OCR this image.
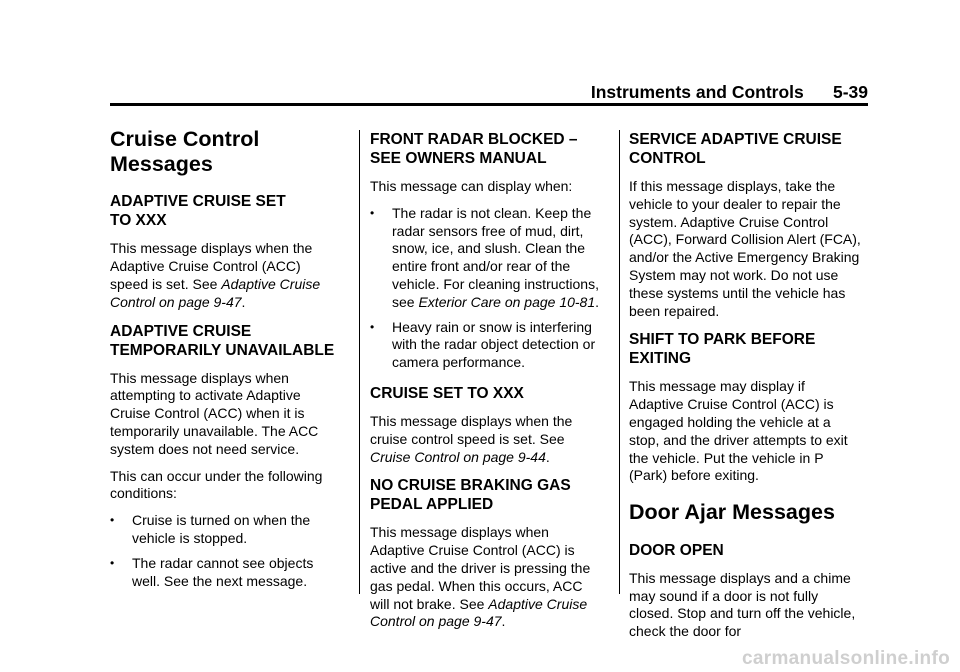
Instruments and Controls 5-39
Cruise Control Messages
ADAPTIVE CRUISE SET
TO XXX

This message displays when the Adaptive Cruise Control (ACC) speed is set. See Adaptive Cruise Control on page 9‑47.

ADAPTIVE CRUISE
TEMPORARILY UNAVAILABLE

This message displays when attempting to activate Adaptive Cruise Control (ACC) when it is temporarily unavailable. The ACC system does not need service.

This can occur under the following conditions:

• Cruise is turned on when the vehicle is stopped.
• The radar cannot see objects well. See the next message.
FRONT RADAR BLOCKED –
SEE OWNERS MANUAL

This message can display when:

• The radar is not clean. Keep the radar sensors free of mud, dirt, snow, ice, and slush. Clean the entire front and/or rear of the vehicle. For cleaning instructions, see Exterior Care on page 10‑81.
• Heavy rain or snow is interfering with the radar object detection or camera performance.
CRUISE SET TO XXX

This message displays when the cruise control speed is set. See Cruise Control on page 9‑44.

NO CRUISE BRAKING GAS
PEDAL APPLIED

This message displays when Adaptive Cruise Control (ACC) is active and the driver is pressing the gas pedal. When this occurs, ACC will not brake. See Adaptive Cruise Control on page 9‑47.

SERVICE ADAPTIVE CRUISE
CONTROL

If this message displays, take the vehicle to your dealer to repair the system. Adaptive Cruise Control (ACC), Forward Collision Alert (FCA), and/or the Active Emergency Braking System may not work. Do not use these systems until the vehicle has been repaired.

SHIFT TO PARK BEFORE
EXITING

This message may display if Adaptive Cruise Control (ACC) is engaged holding the vehicle at a stop, and the driver attempts to exit the vehicle. Put the vehicle in P (Park) before exiting.

Door Ajar Messages
DOOR OPEN

This message displays and a chime may sound if a door is not fully closed. Stop and turn off the vehicle, check the door for

carmanualsonline.info
